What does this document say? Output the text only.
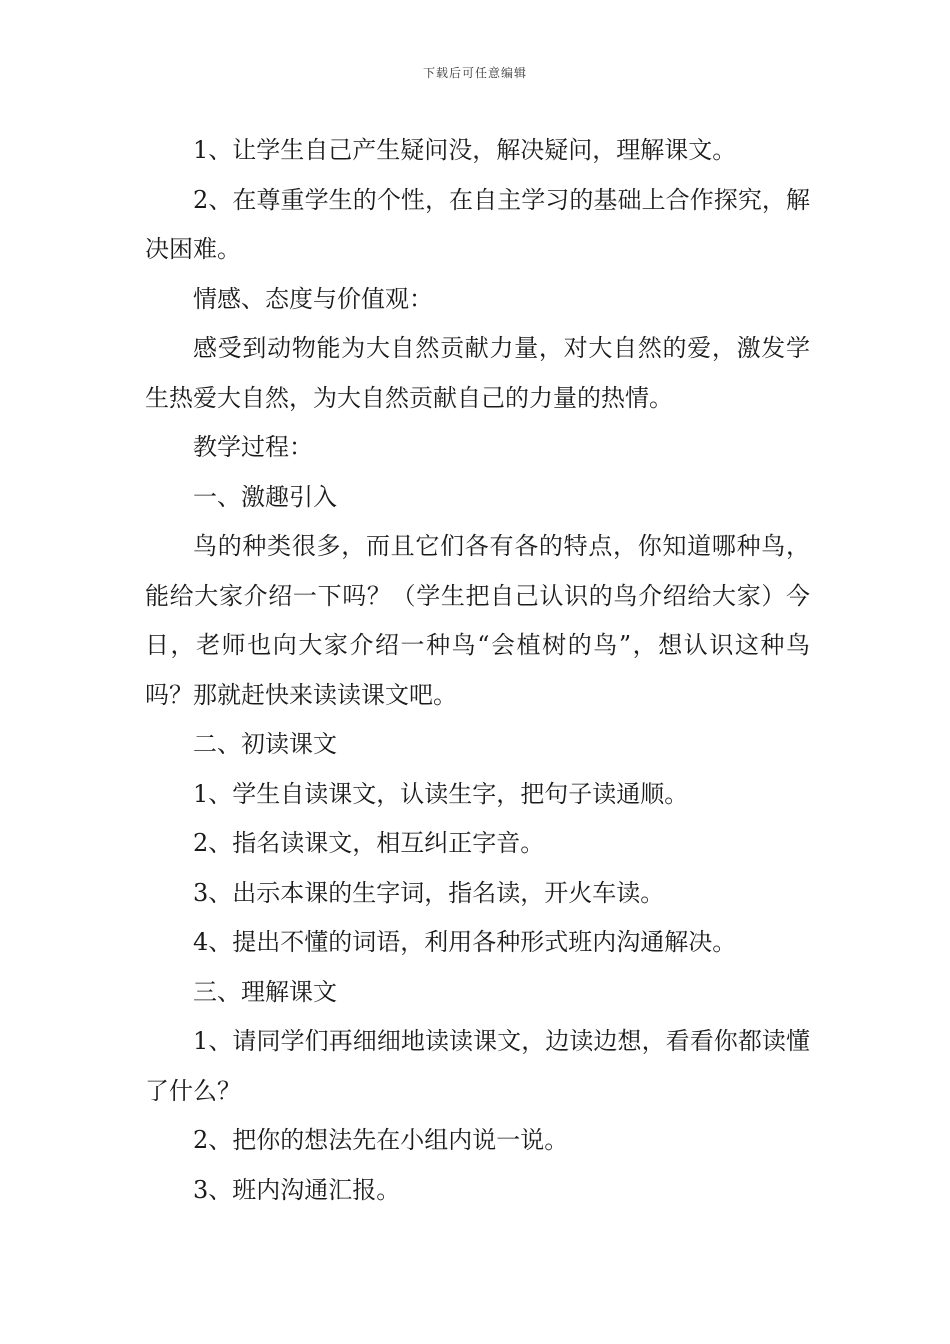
下载后可任意编辑

1、让学生自己产生疑问没，解决疑问，理解课文。

2、在尊重学生的个性，在自主学习的基础上合作探究，解决困难。

情感、态度与价值观：

感受到动物能为大自然贡献力量，对大自然的爱，激发学生热爱大自然，为大自然贡献自己的力量的热情。

教学过程：

一、激趣引入

鸟的种类很多，而且它们各有各的特点，你知道哪种鸟，能给大家介绍一下吗？（学生把自己认识的鸟介绍给大家）今日，老师也向大家介绍一种鸟“会植树的鸟”，想认识这种鸟吗？那就赶快来读读课文吧。

二、初读课文

1、学生自读课文，认读生字，把句子读通顺。

2、指名读课文，相互纠正字音。

3、出示本课的生字词，指名读，开火车读。

4、提出不懂的词语，利用各种形式班内沟通解决。

三、理解课文

1、请同学们再细细地读读课文，边读边想，看看你都读懂了什么？

2、把你的想法先在小组内说一说。

3、班内沟通汇报。
